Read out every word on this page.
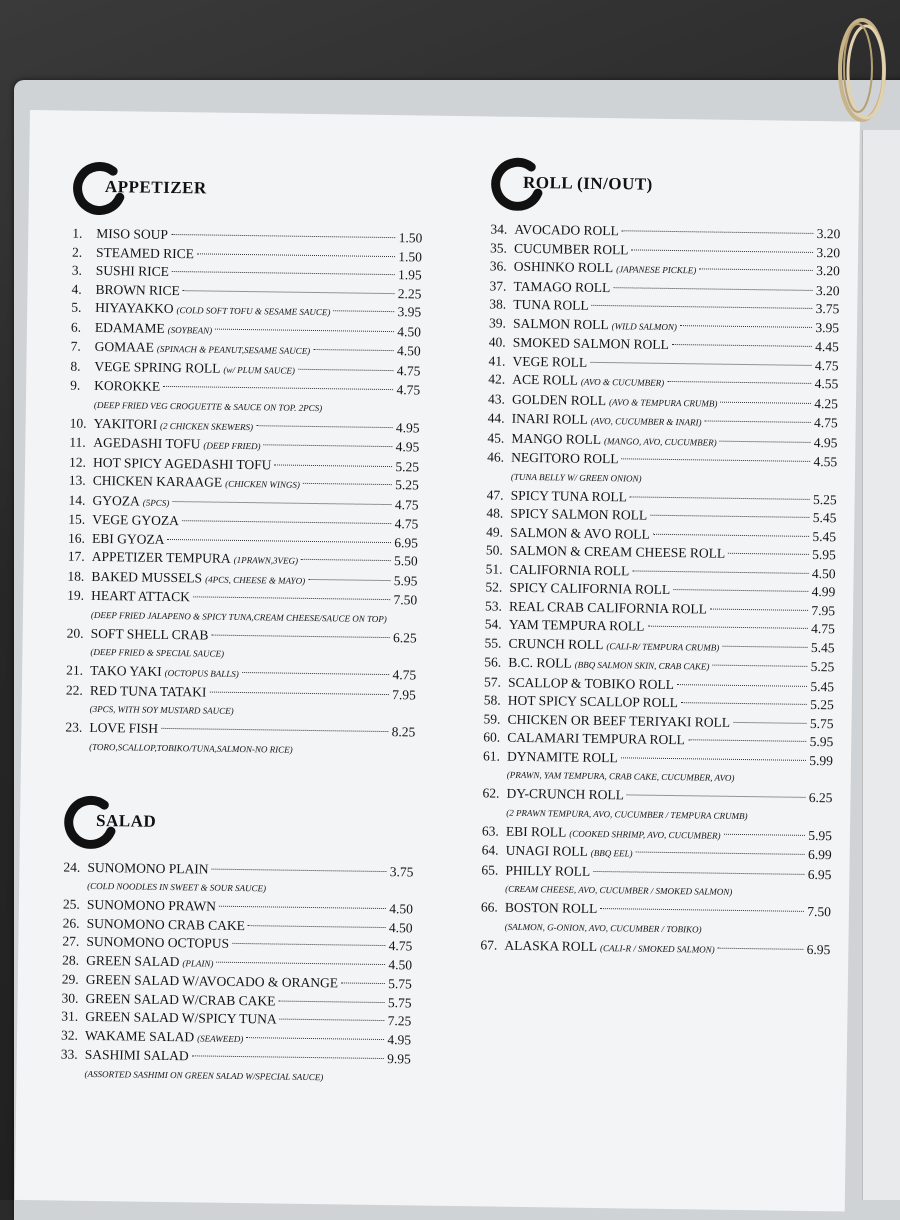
APPETIZER
1.	MISO SOUP	1.50
2.	STEAMED RICE	1.50
3.	SUSHI RICE	1.95
4.	BROWN RICE	2.25
5.	HIYAYAKKO (COLD SOFT TOFU & SESAME SAUCE)	3.95
6.	EDAMAME (SOYBEAN)	4.50
7.	GOMAAE (SPINACH & PEANUT,SESAME SAUCE)	4.50
8.	VEGE SPRING ROLL (w/ PLUM SAUCE)	4.75
9.	KOROKKE	4.75
(DEEP FRIED VEG CROGUETTE & SAUCE ON TOP. 2PCS)
10. YAKITORI (2 CHICKEN SKEWERS)	4.95
11. AGEDASHI TOFU (DEEP FRIED)	4.95
12. HOT SPICY AGEDASHI TOFU	5.25
13. CHICKEN KARAAGE (CHICKEN WINGS)	5.25
14. GYOZA (5PCS)	4.75
15. VEGE GYOZA	4.75
16. EBI GYOZA	6.95
17. APPETIZER TEMPURA (1PRAWN,3VEG)	5.50
18. BAKED MUSSELS (4PCS, CHEESE & MAYO)	5.95
19. HEART ATTACK	7.50
(DEEP FRIED JALAPENO & SPICY TUNA,CREAM CHEESE/SAUCE ON TOP)
20. SOFT SHELL CRAB	6.25
(DEEP FRIED & SPECIAL SAUCE)
21. TAKO YAKI (OCTOPUS BALLS)	4.75
22. RED TUNA TATAKI	7.95
(3PCS, WITH SOY MUSTARD SAUCE)
23. LOVE FISH	8.25
(TORO,SCALLOP,TOBIKO/TUNA,SALMON-NO RICE)
SALAD
24. SUNOMONO PLAIN	3.75
(COLD NOODLES IN SWEET & SOUR SAUCE)
25. SUNOMONO PRAWN	4.50
26. SUNOMONO CRAB CAKE	4.50
27. SUNOMONO OCTOPUS	4.75
28. GREEN SALAD (PLAIN)	4.50
29. GREEN SALAD W/AVOCADO & ORANGE	5.75
30. GREEN SALAD W/CRAB CAKE	5.75
31. GREEN SALAD W/SPICY TUNA	7.25
32. WAKAME SALAD (SEAWEED)	4.95
33. SASHIMI SALAD	9.95
(ASSORTED SASHIMI ON GREEN SALAD W/SPECIAL SAUCE)
ROLL (IN/OUT)
34. AVOCADO ROLL	3.20
35. CUCUMBER ROLL	3.20
36. OSHINKO ROLL (JAPANESE PICKLE)	3.20
37. TAMAGO ROLL	3.20
38. TUNA ROLL	3.75
39. SALMON ROLL (WILD SALMON)	3.95
40. SMOKED SALMON ROLL	4.45
41. VEGE ROLL	4.75
42. ACE ROLL (AVO & CUCUMBER)	4.55
43. GOLDEN ROLL (AVO & TEMPURA CRUMB)	4.25
44. INARI ROLL (AVO, CUCUMBER & INARI)	4.75
45. MANGO ROLL (MANGO, AVO, CUCUMBER)	4.95
46. NEGITORO ROLL	4.55
(TUNA BELLY W/ GREEN ONION)
47. SPICY TUNA ROLL	5.25
48. SPICY SALMON ROLL	5.45
49. SALMON & AVO ROLL	5.45
50. SALMON & CREAM CHEESE ROLL	5.95
51. CALIFORNIA ROLL	4.50
52. SPICY CALIFORNIA ROLL	4.99
53. REAL CRAB CALIFORNIA ROLL	7.95
54. YAM TEMPURA ROLL	4.75
55. CRUNCH ROLL (CALI-R/ TEMPURA CRUMB)	5.45
56. B.C. ROLL (BBQ SALMON SKIN, CRAB CAKE)	5.25
57. SCALLOP & TOBIKO ROLL	5.45
58. HOT SPICY SCALLOP ROLL	5.25
59. CHICKEN OR BEEF TERIYAKI ROLL	5.75
60. CALAMARI TEMPURA ROLL	5.95
61. DYNAMITE ROLL	5.99
(PRAWN, YAM TEMPURA, CRAB CAKE, CUCUMBER, AVO)
62. DY-CRUNCH ROLL	6.25
(2 PRAWN TEMPURA, AVO, CUCUMBER / TEMPURA CRUMB)
63. EBI ROLL (COOKED SHRIMP, AVO, CUCUMBER)	5.95
64. UNAGI ROLL (BBQ EEL)	6.99
65. PHILLY ROLL	6.95
(CREAM CHEESE, AVO, CUCUMBER / SMOKED SALMON)
66. BOSTON ROLL	7.50
(SALMON, G-ONION, AVO, CUCUMBER / TOBIKO)
67. ALASKA ROLL (CALI-R / SMOKED SALMON)	6.95
